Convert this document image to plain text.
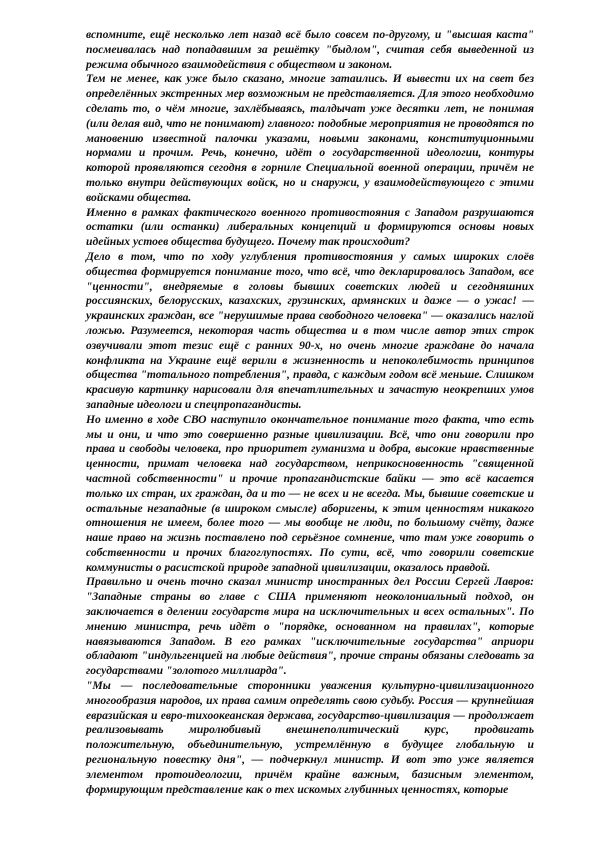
вспомните, ещё несколько лет назад всё было совсем по-другому, и "высшая каста" посмеивалась над попадавшим за решётку "быдлом", считая себя выведенной из режима обычного взаимодействия с обществом и законом.

Тем не менее, как уже было сказано, многие затаились. И вывести их на свет без определённых экстренных мер возможным не представляется. Для этого необходимо сделать то, о чём многие, захлёбываясь, талдычат уже десятки лет, не понимая (или делая вид, что не понимают) главного: подобные мероприятия не проводятся по мановению известной палочки указами, новыми законами, конституционными нормами и прочим. Речь, конечно, идёт о государственной идеологии, контуры которой проявляются сегодня в горниле Специальной военной операции, причём не только внутри действующих войск, но и снаружи, у взаимодействующего с этими войсками общества.

Именно в рамках фактического военного противостояния с Западом разрушаются остатки (или останки) либеральных концепций и формируются основы новых идейных устоев общества будущего. Почему так происходит?

Дело в том, что по ходу углубления противостояния у самых широких слоёв общества формируется понимание того, что всё, что декларировалось Западом, все "ценности", внедряемые в головы бывших советских людей и сегодняшних россиянских, белорусских, казахских, грузинских, армянских и даже — о ужас! — украинских граждан, все "нерушимые права свободного человека" — оказались наглой ложью. Разумеется, некоторая часть общества и в том числе автор этих строк озвучивали этот тезис ещё с ранних 90-х, но очень многие граждане до начала конфликта на Украине ещё верили в жизненность и непоколебимость принципов общества "тотального потребления", правда, с каждым годом всё меньше. Слишком красивую картинку нарисовали для впечатлительных и зачастую неокрепших умов западные идеологи и спецпропагандисты.

Но именно в ходе СВО наступило окончательное понимание того факта, что есть мы и они, и что это совершенно разные цивилизации. Всё, что они говорили про права и свободы человека, про приоритет гуманизма и добра, высокие нравственные ценности, примат человека над государством, неприкосновенность "священной частной собственности" и прочие пропагандистские байки — это всё касается только их стран, их граждан, да и то — не всех и не всегда. Мы, бывшие советские и остальные незападные (в широком смысле) аборигены, к этим ценностям никакого отношения не имеем, более того — мы вообще не люди, по большому счёту, даже наше право на жизнь поставлено под серьёзное сомнение, что там уже говорить о собственности и прочих благоглупостях. По сути, всё, что говорили советские коммунисты о расистской природе западной цивилизации, оказалось правдой.

Правильно и очень точно сказал министр иностранных дел России Сергей Лавров: "Западные страны во главе с США применяют неоколониальный подход, он заключается в делении государств мира на исключительных и всех остальных". По мнению министра, речь идёт о "порядке, основанном на правилах", которые навязываются Западом. В его рамках "исключительные государства" априори обладают "индульгенцией на любые действия", прочие страны обязаны следовать за государствами "золотого миллиарда".

"Мы — последовательные сторонники уважения культурно-цивилизационного многообразия народов, их права самим определять свою судьбу. Россия — крупнейшая евразийская и евро-тихоокеанская держава, государство-цивилизация — продолжает реализовывать миролюбивый внешнеполитический курс, продвигать положительную, объединительную, устремлённую в будущее глобальную и региональную повестку дня", — подчеркнул министр. И вот это уже является элементом протоидеологии, причём крайне важным, базисным элементом, формирующим представление как о тех искомых глубинных ценностях, которые
